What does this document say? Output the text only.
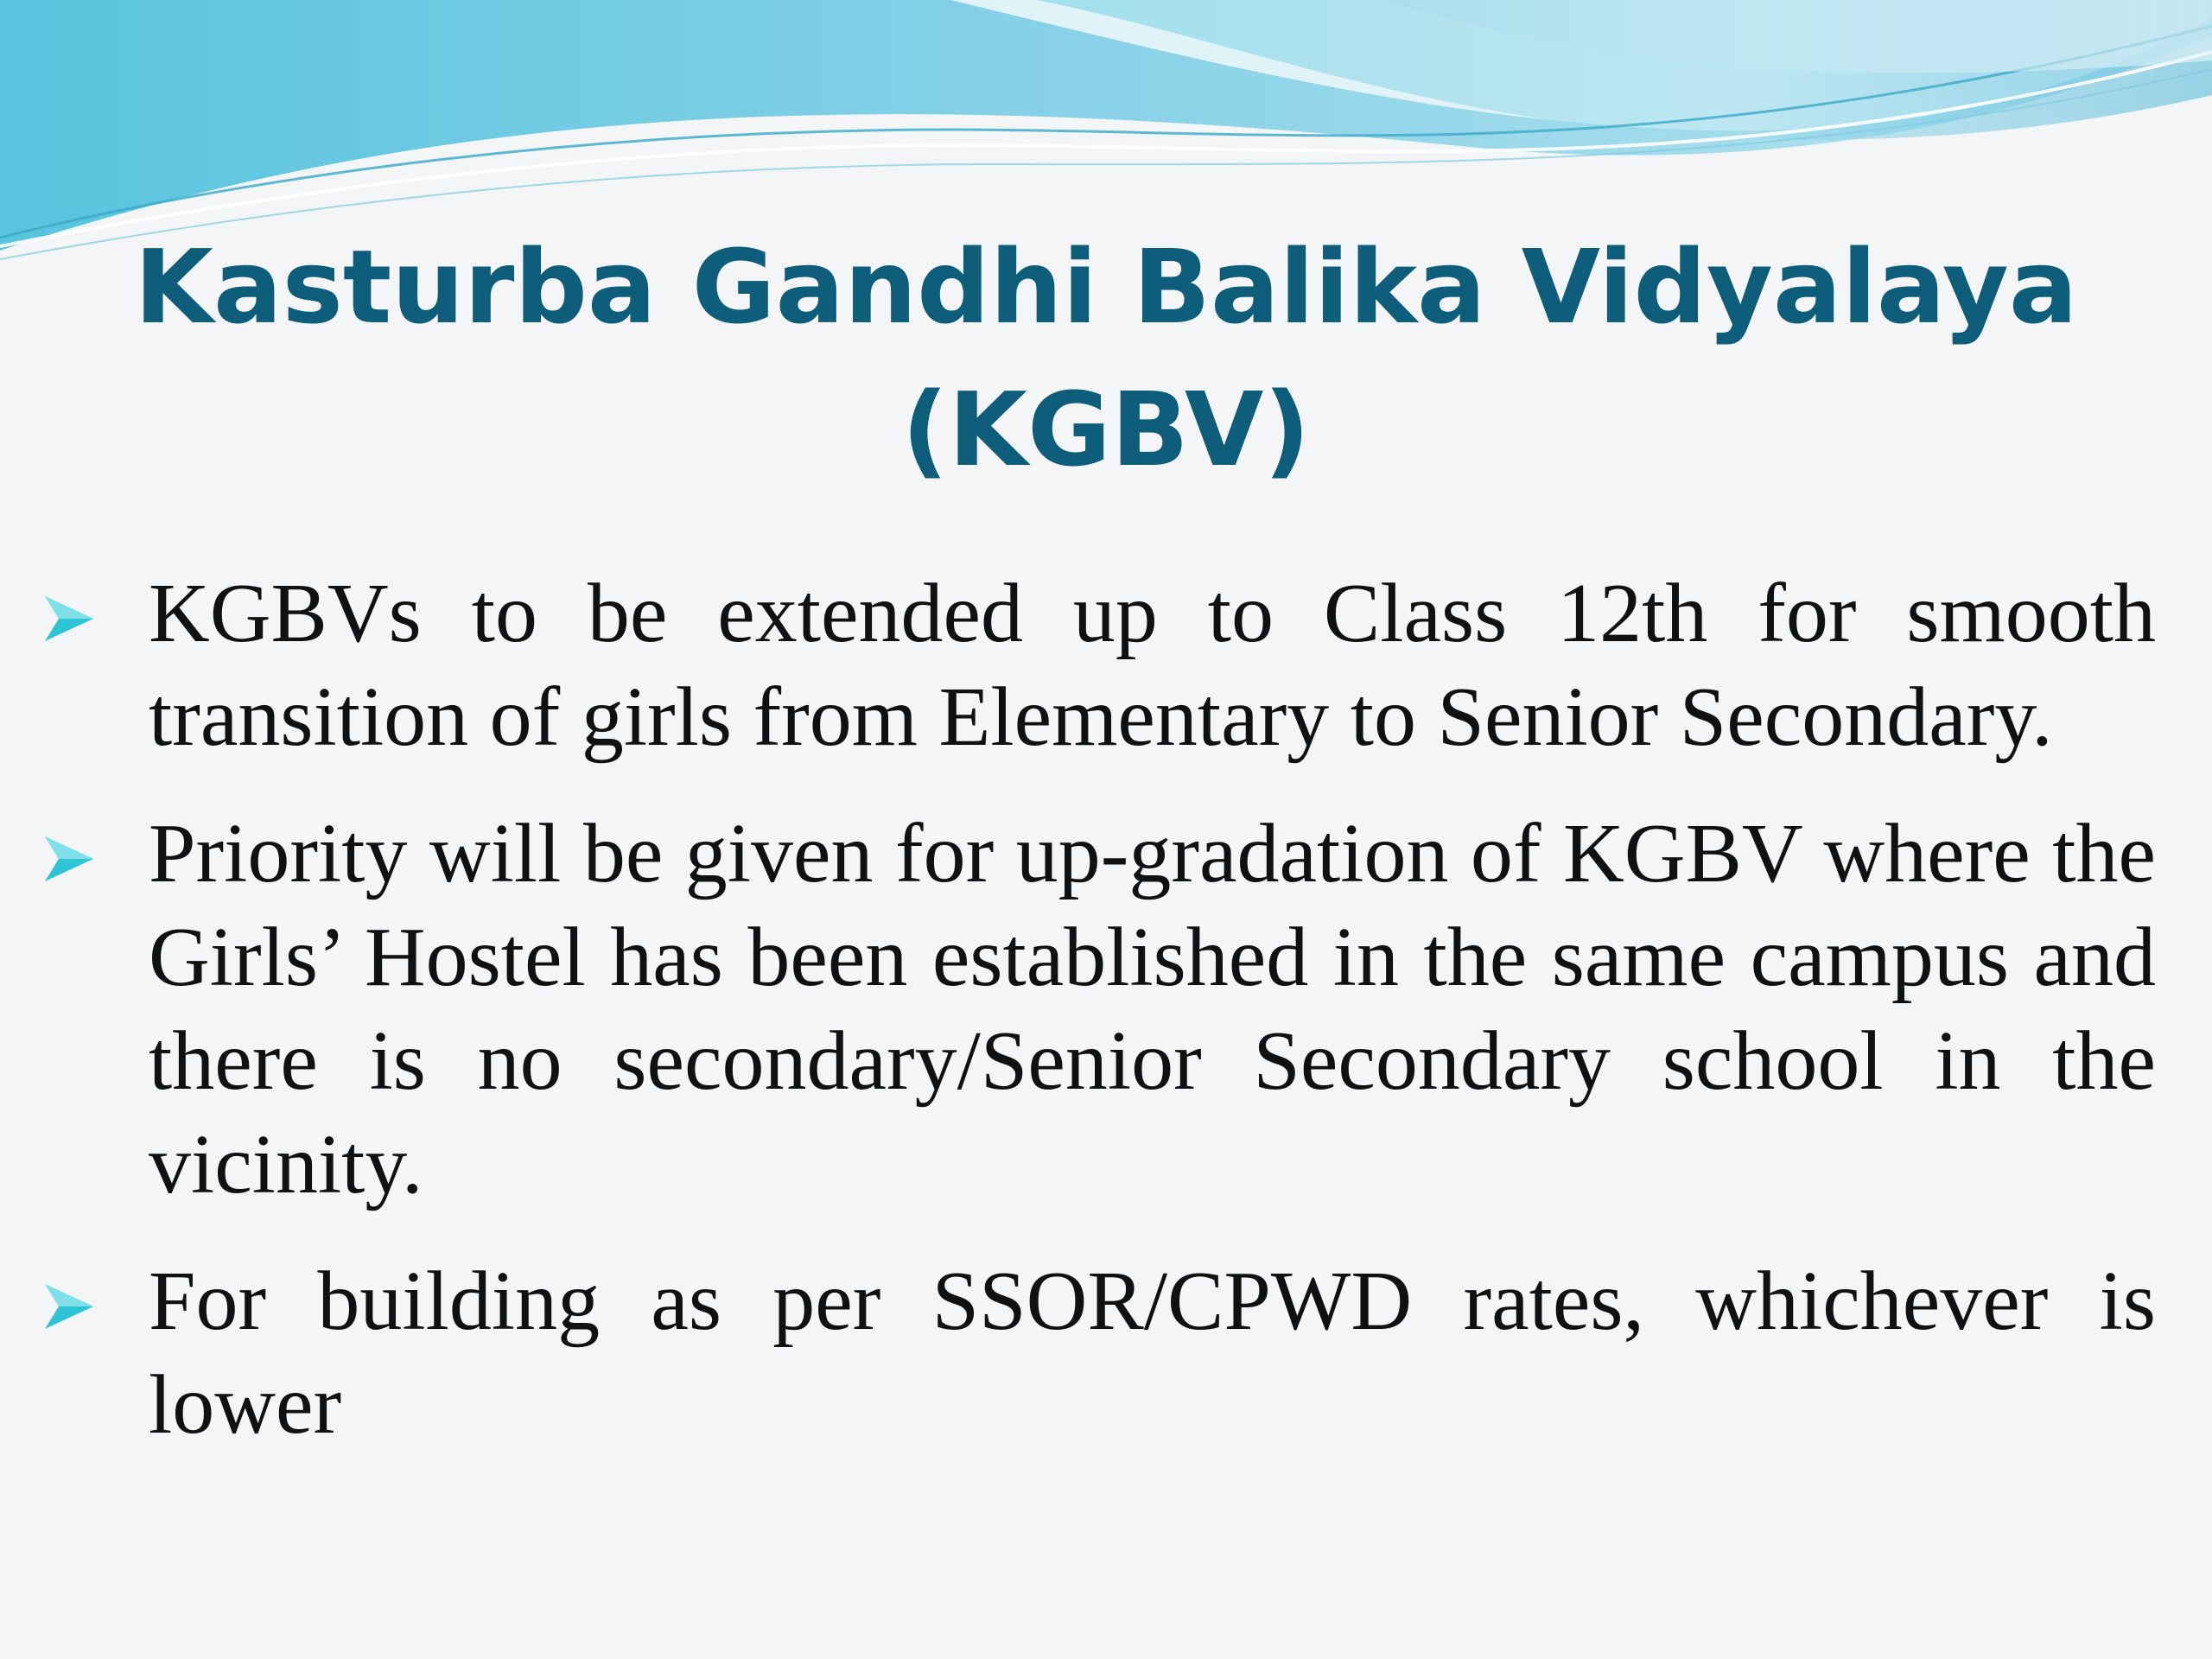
Kasturba Gandhi Balika Vidyalaya
(KGBV)
KGBVs to be extended up to Class 12th for smooth transition of girls from Elementary to Senior Secondary.
Priority will be given for up-gradation of KGBV where the Girls’ Hostel has been established in the same campus and there is no secondary/Senior Secondary school in the vicinity.
For building as per SSOR/CPWD rates, whichever is lower
